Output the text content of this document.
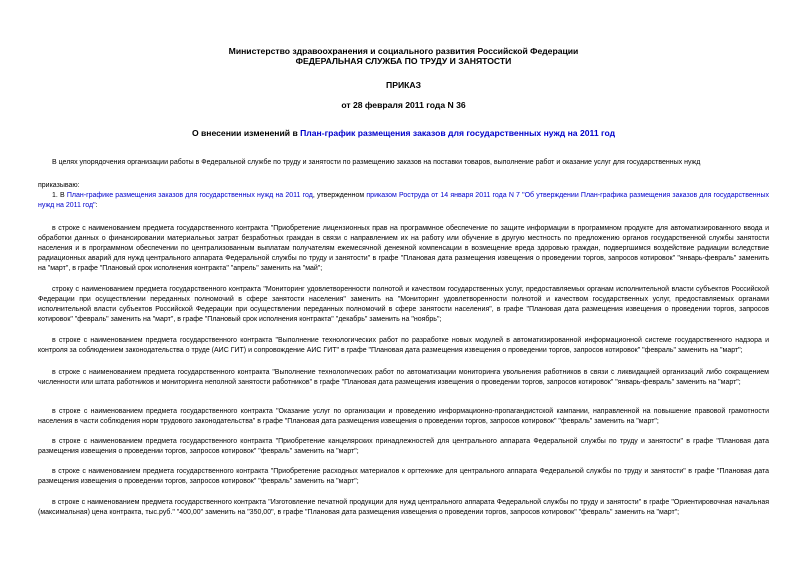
Министерство здравоохранения и социального развития Российской Федерации
ФЕДЕРАЛЬНАЯ СЛУЖБА ПО ТРУДУ И ЗАНЯТОСТИ
ПРИКАЗ
от 28 февраля 2011 года N 36
О внесении изменений в План-график размещения заказов для государственных нужд на 2011 год
В целях упорядочения организации работы в Федеральной службе по труду и занятости по размещению заказов на поставки товаров, выполнение работ и оказание услуг для государственных нужд
приказываю:
1. В План-графике размещения заказов для государственных нужд на 2011 год, утвержденном приказом Роструда от 14 января 2011 года N 7 "Об утверждении План-графика размещения заказов для государственных нужд на 2011 год":
в строке с наименованием предмета государственного контракта "Приобретение лицензионных прав на программное обеспечение по защите информации в программном продукте для автоматизированного ввода и обработки данных о финансировании материальных затрат безработных граждан в связи с направлением их на работу или обучение в другую местность по предложению органов государственной службы занятости населения и в программном обеспечении по централизованным выплатам получателям ежемесячной денежной компенсации в возмещение вреда здоровью граждан, подвергшимся воздействие радиации вследствие радиационных аварий для нужд центрального аппарата Федеральной службы по труду и занятости" в графе "Плановая дата размещения извещения о проведении торгов, запросов котировок" "январь-февраль" заменить на "март", в графе "Плановый срок исполнения контракта" "апрель" заменить на "май";
строку с наименованием предмета государственного контракта "Мониторинг удовлетворенности полнотой и качеством государственных услуг, предоставляемых органам исполнительной власти субъектов Российской Федерации при осуществлении переданных полномочий в сфере занятости населения" заменить на "Мониторинг удовлетворенности полнотой и качеством государственных услуг, предоставляемых органами исполнительной власти субъектов Российской Федерации при осуществлении переданных полномочий в сфере занятости населения", в графе "Плановая дата размещения извещения о проведении торгов, запросов котировок" "февраль" заменить на "март", в графе "Плановый срок исполнения контракта" "декабрь" заменить на "ноябрь";
в строке с наименованием предмета государственного контракта "Выполнение технологических работ по разработке новых модулей в автоматизированной информационной системе государственного надзора и контроля за соблюдением законодательства о труде (АИС ГИТ) и сопровождение АИС ГИТ" в графе "Плановая дата размещения извещения о проведении торгов, запросов котировок" "февраль" заменить на "март";
в строке с наименованием предмета государственного контракта "Выполнение технологических работ по автоматизации мониторинга увольнения работников в связи с ликвидацией организаций либо сокращением численности или штата работников и мониторинга неполной занятости работников" в графе "Плановая дата размещения извещения о проведении торгов, запросов котировок" "январь-февраль" заменить на "март";
в строке с наименованием предмета государственного контракта "Оказание услуг по организации и проведению информационно-пропагандистской кампании, направленной на повышение правовой грамотности населения в части соблюдения норм трудового законодательства" в графе "Плановая дата размещения извещения о проведении торгов, запросов котировок" "февраль" заменить на "март";
в строке с наименованием предмета государственного контракта "Приобретение канцелярских принадлежностей для центрального аппарата Федеральной службы по труду и занятости" в графе "Плановая дата размещения извещения о проведении торгов, запросов котировок" "февраль" заменить на "март";
в строке с наименованием предмета государственного контракта "Приобретение расходных материалов к оргтехнике для центрального аппарата Федеральной службы по труду и занятости" в графе "Плановая дата размещения извещения о проведении торгов, запросов котировок" "февраль" заменить на "март";
в строке с наименованием предмета государственного контракта "Изготовление печатной продукции для нужд центрального аппарата Федеральной службы по труду и занятости" в графе "Ориентировочная начальная (максимальная) цена контракта, тыс.руб." "400,00" заменить на "350,00", в графе "Плановая дата размещения извещения о проведении торгов, запросов котировок" "февраль" заменить на "март";
